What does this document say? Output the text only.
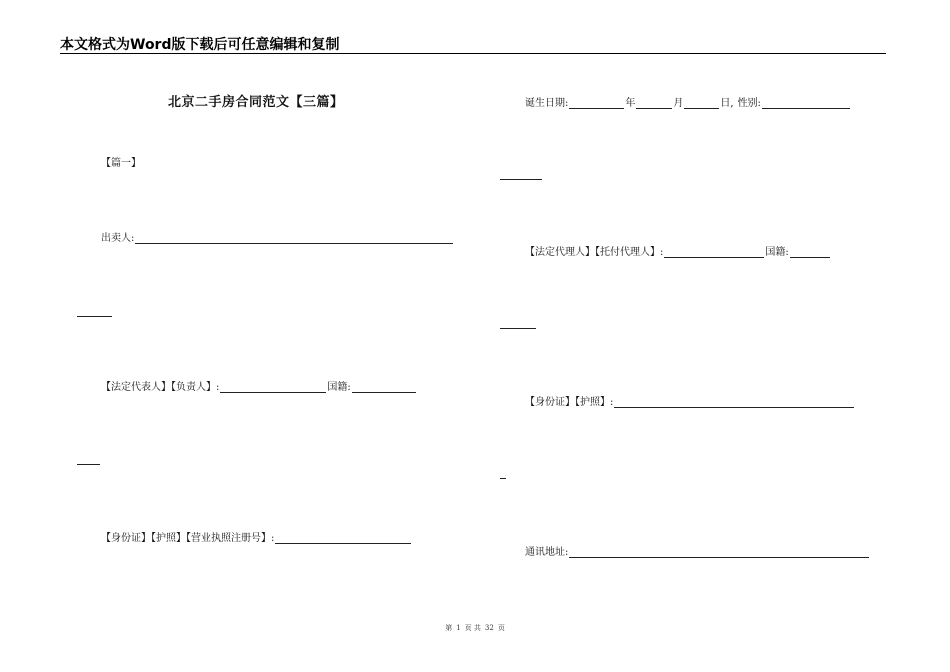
本文格式为Word版下载后可任意编辑和复制
北京二手房合同范文【三篇】
【篇一】
出卖人:
【法定代表人】【负责人】:	国籍:
【身份证】【护照】【营业执照注册号】:
诞生日期:	年	月	日, 性别:
【法定代理人】【托付代理人】:	国籍:
【身份证】【护照】:
通讯地址:
第 1 页 共 32 页
